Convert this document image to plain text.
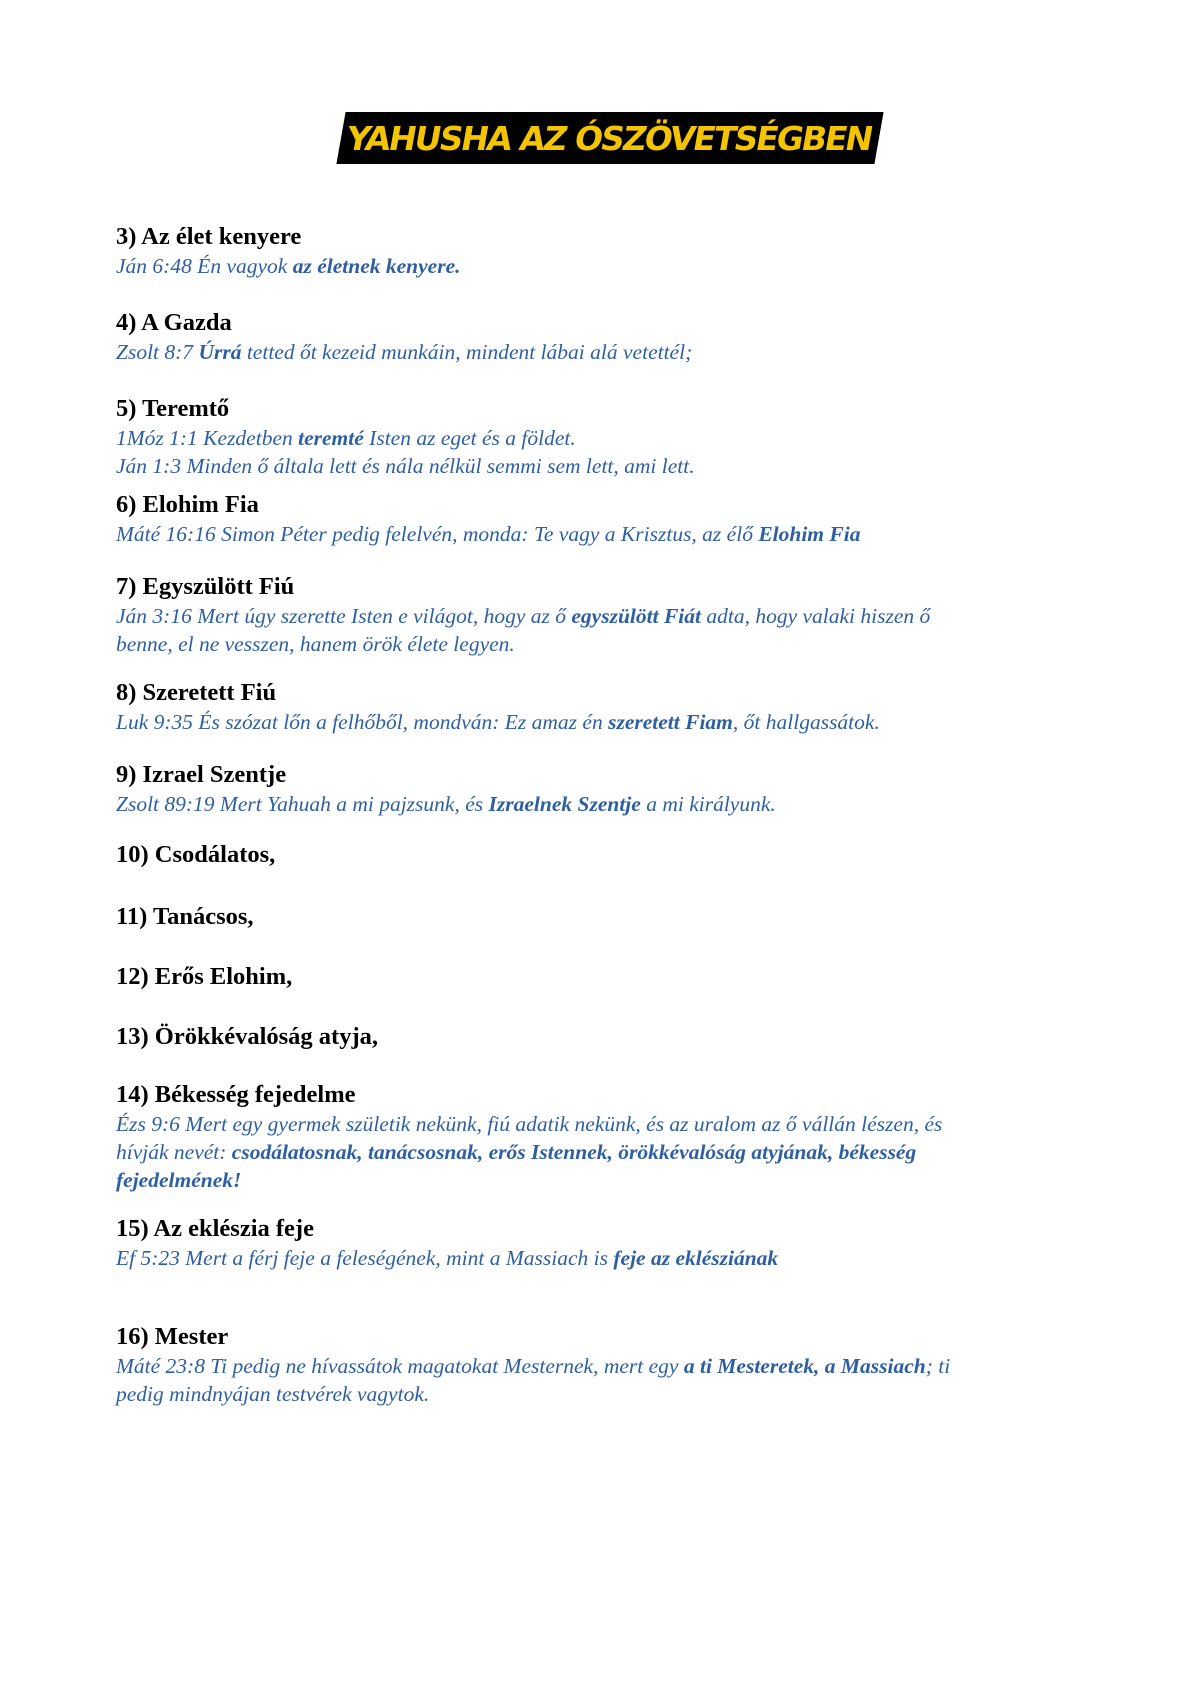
YAHUSHA AZ ÓSZÖVETSÉGBEN
3) Az élet kenyere
Ján 6:48 Én vagyok az életnek kenyere.
4) A Gazda
Zsolt 8:7 Úrrá tetted őt kezeid munkáin, mindent lábai alá vetettél;
5) Teremtő
1Móz 1:1 Kezdetben teremté Isten az eget és a földet.
Ján 1:3 Minden ő általa lett és nála nélkül semmi sem lett, ami lett.
6) Elohim Fia
Máté 16:16 Simon Péter pedig felelvén, monda: Te vagy a Krisztus, az élő Elohim Fia
7) Egyszülött Fiú
Ján 3:16 Mert úgy szerette Isten e világot, hogy az ő egyszülött Fiát adta, hogy valaki hiszen ő
benne, el ne vesszen, hanem örök élete legyen.
8) Szeretett Fiú
Luk 9:35 És szózat lőn a felhőből, mondván: Ez amaz én szeretett Fiam, őt hallgassátok.
9) Izrael Szentje
Zsolt 89:19 Mert Yahuah a mi pajzsunk, és Izraelnek Szentje a mi királyunk.
10) Csodálatos,
11) Tanácsos,
12) Erős Elohim,
13) Örökkévalóság atyja,
14) Békesség fejedelme
Ézs 9:6 Mert egy gyermek születik nekünk, fiú adatik nekünk, és az uralom az ő vállán lészen, és
hívják nevét: csodálatosnak, tanácsosnak, erős Istennek, örökkévalóság atyjának, békesség
fejedelmének!
15) Az eklészia feje
Ef 5:23 Mert a férj feje a feleségének, mint a Massiach is feje az eklésziának
16) Mester
Máté 23:8 Ti pedig ne hívassátok magatokat Mesternek, mert egy a ti Mesteretek, a Massiach; ti
pedig mindnyájan testvérek vagytok.
